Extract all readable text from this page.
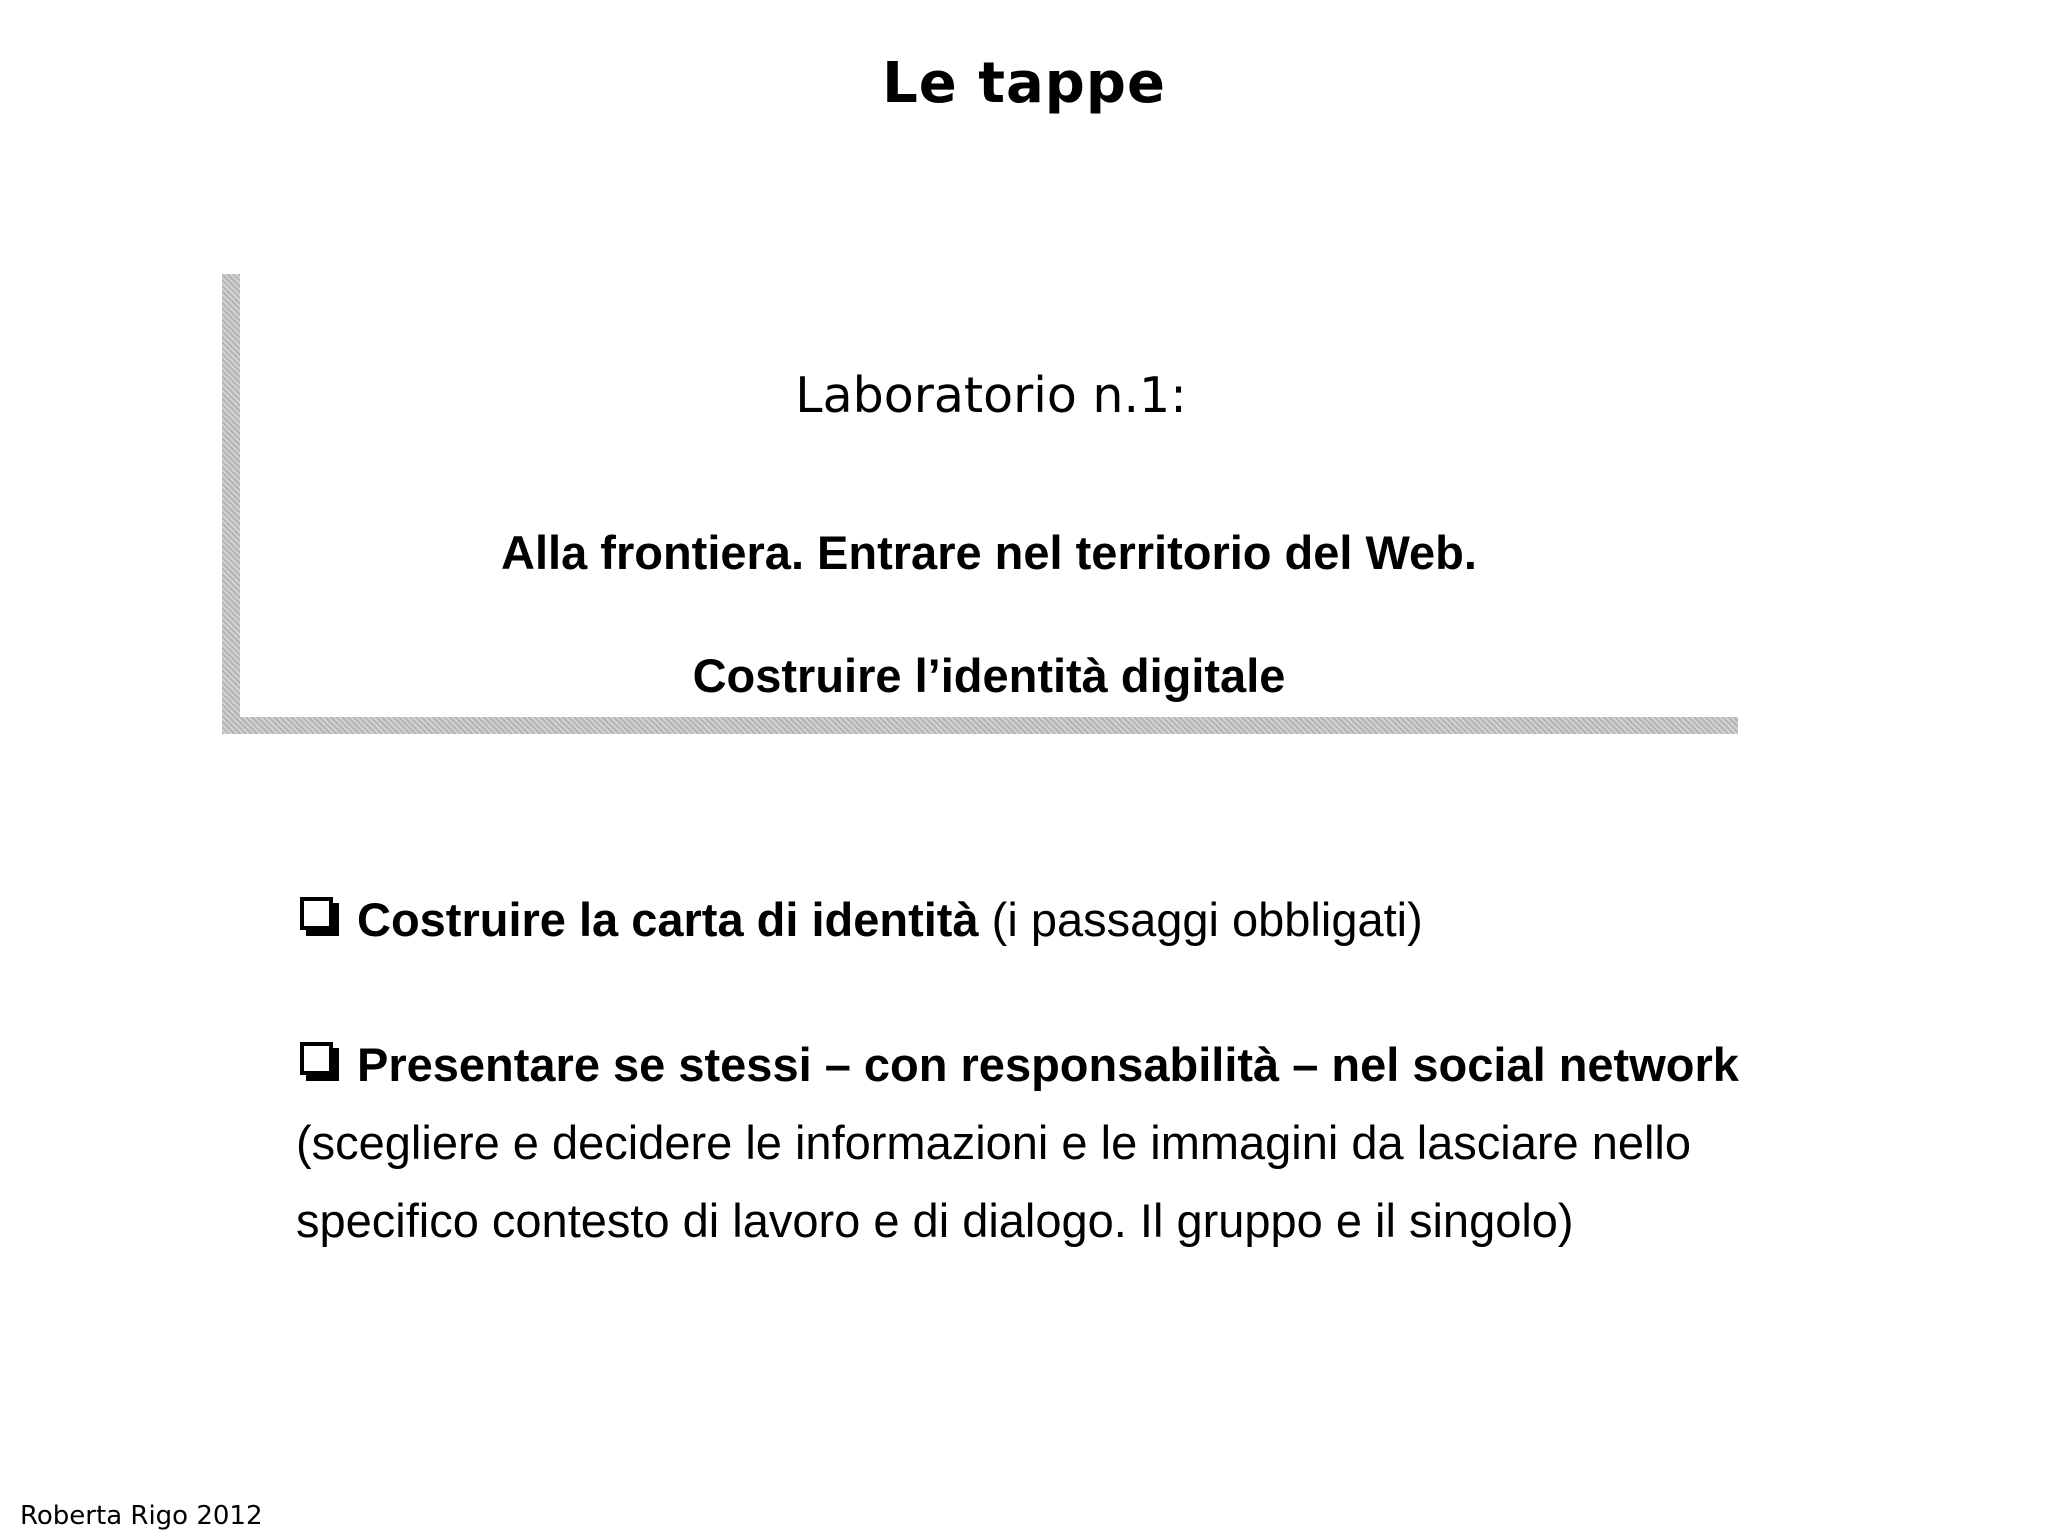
Le tappe
Laboratorio n.1:
Alla frontiera. Entrare nel territorio del Web.
Costruire l’identità digitale

Costruire la carta di identità (i passaggi obbligati)

Presentare se stessi – con responsabilità – nel social network (scegliere e decidere le informazioni e le immagini da lasciare nello specifico contesto di lavoro e di dialogo. Il gruppo e il singolo)

Roberta Rigo 2012
